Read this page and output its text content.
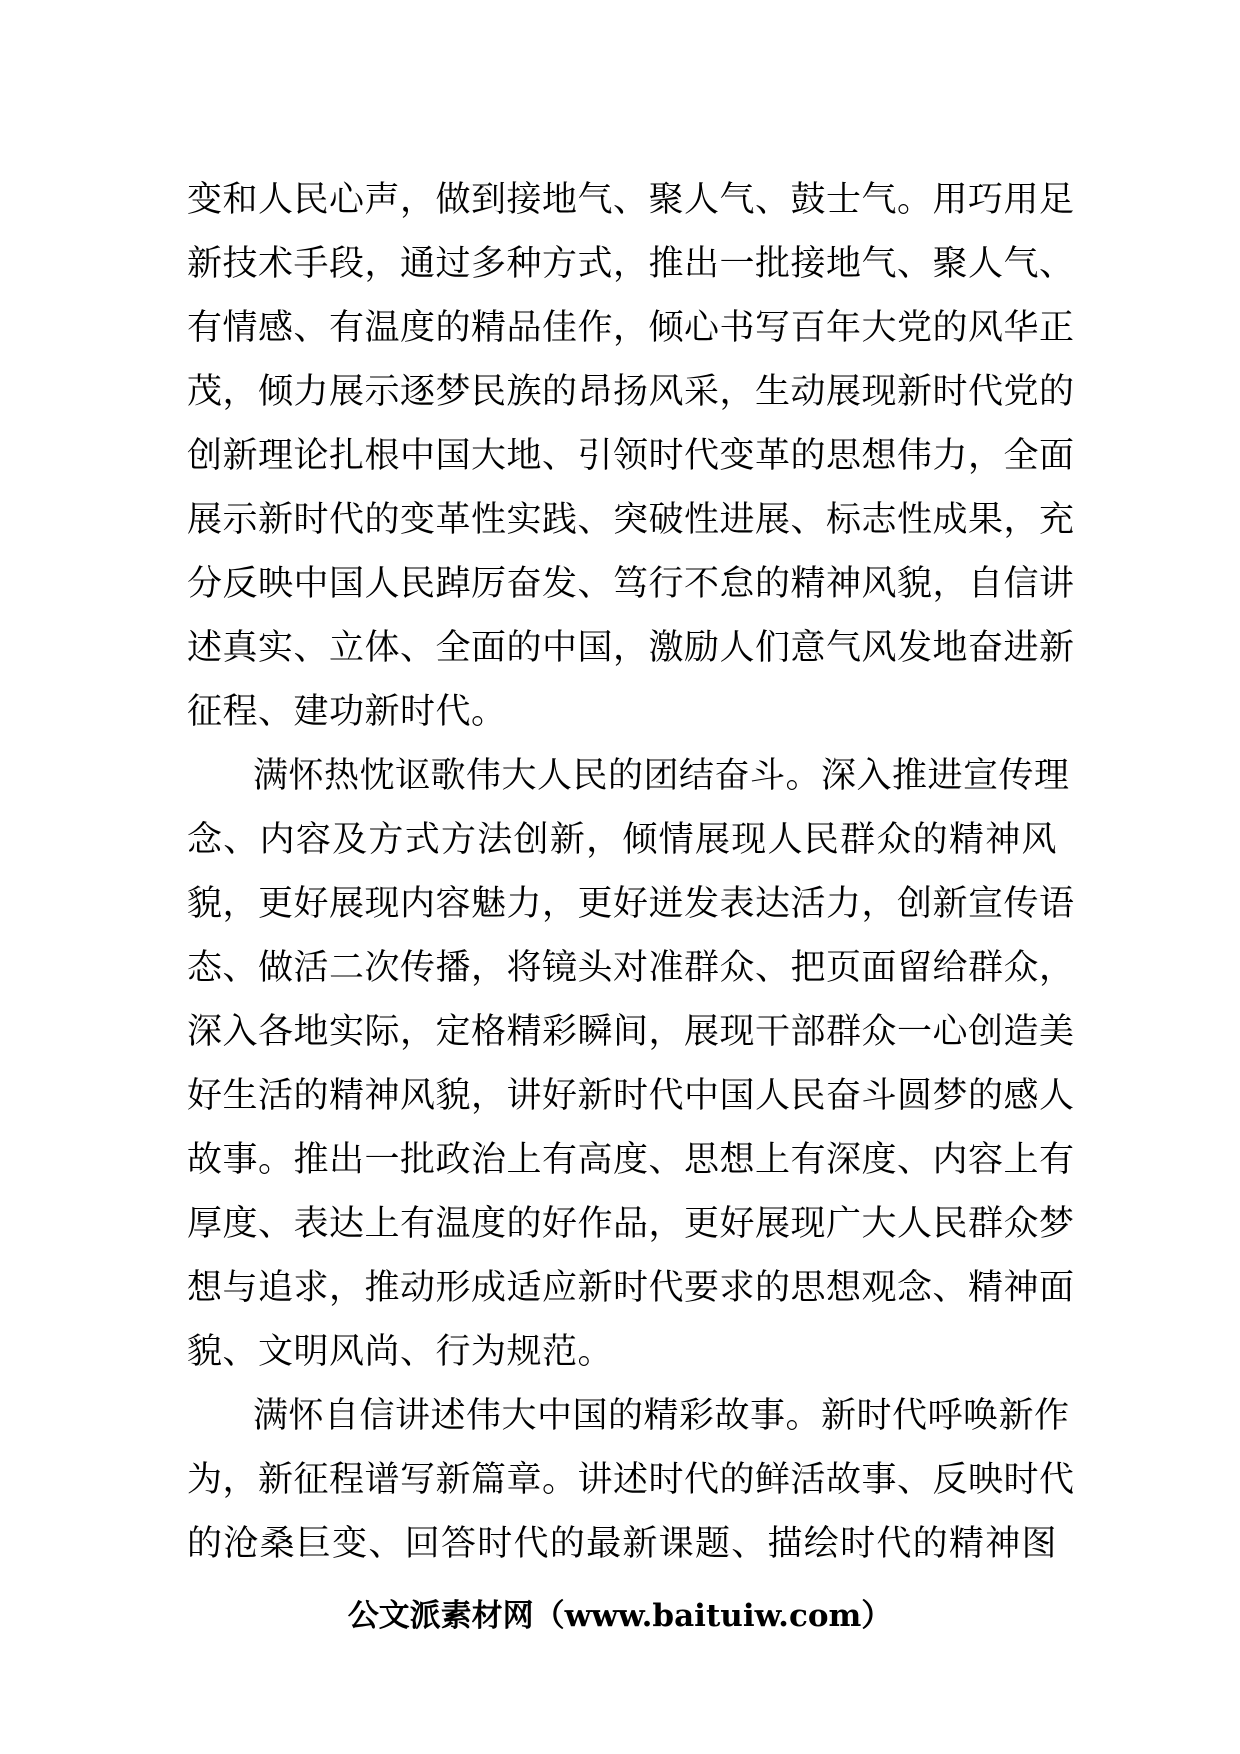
变和人民心声，做到接地气、聚人气、鼓士气。用巧用足
新技术手段，通过多种方式，推出一批接地气、聚人气、
有情感、有温度的精品佳作，倾心书写百年大党的风华正
茂，倾力展示逐梦民族的昂扬风采，生动展现新时代党的
创新理论扎根中国大地、引领时代变革的思想伟力，全面
展示新时代的变革性实践、突破性进展、标志性成果，充
分反映中国人民踔厉奋发、笃行不怠的精神风貌，自信讲
述真实、立体、全面的中国，激励人们意气风发地奋进新
征程、建功新时代。
满怀热忱讴歌伟大人民的团结奋斗。深入推进宣传理
念、内容及方式方法创新，倾情展现人民群众的精神风
貌，更好展现内容魅力，更好迸发表达活力，创新宣传语
态、做活二次传播，将镜头对准群众、把页面留给群众，
深入各地实际，定格精彩瞬间，展现干部群众一心创造美
好生活的精神风貌，讲好新时代中国人民奋斗圆梦的感人
故事。推出一批政治上有高度、思想上有深度、内容上有
厚度、表达上有温度的好作品，更好展现广大人民群众梦
想与追求，推动形成适应新时代要求的思想观念、精神面
貌、文明风尚、行为规范。
满怀自信讲述伟大中国的精彩故事。新时代呼唤新作
为，新征程谱写新篇章。讲述时代的鲜活故事、反映时代
的沧桑巨变、回答时代的最新课题、描绘时代的精神图
公文派素材网（www.baituiw.com）
